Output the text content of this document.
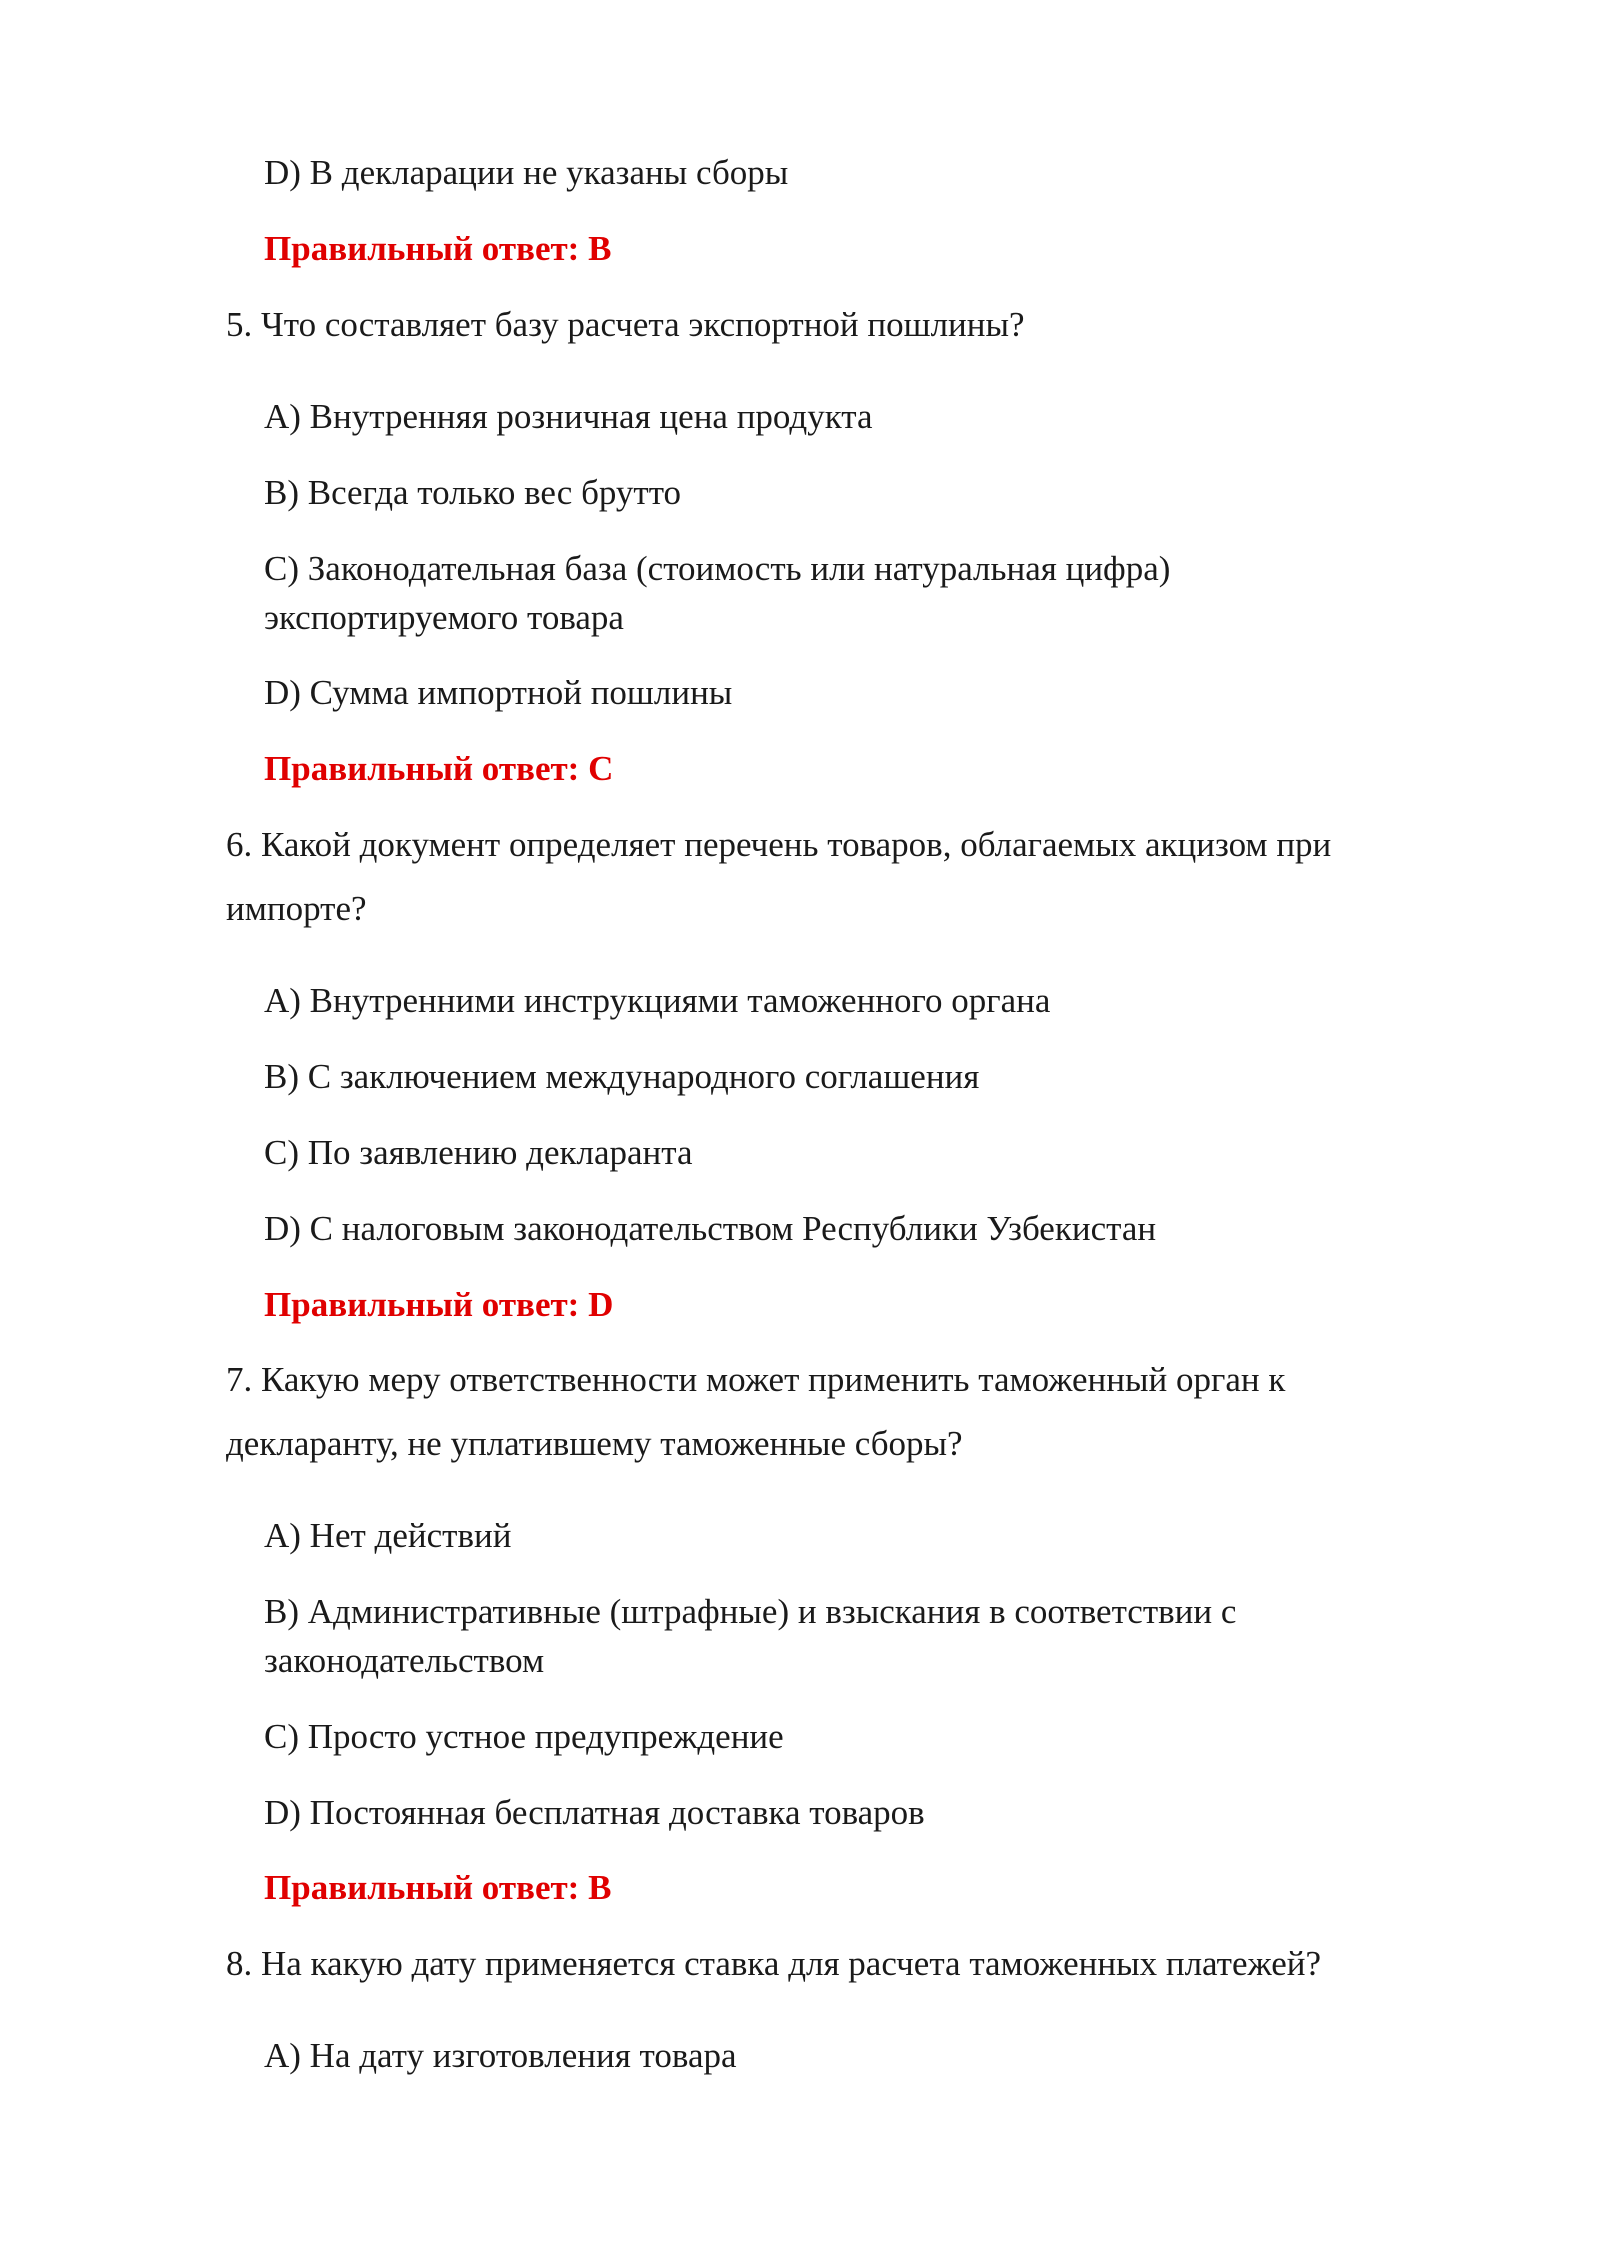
D) В декларации не указаны сборы
Правильный ответ: B
5. Что составляет базу расчета экспортной пошлины?
A) Внутренняя розничная цена продукта
B) Всегда только вес брутто
C) Законодательная база (стоимость или натуральная цифра)
экспортируемого товара
D) Сумма импортной пошлины
Правильный ответ: C
6. Какой документ определяет перечень товаров, облагаемых акцизом при
импорте?
A) Внутренними инструкциями таможенного органа
B) С заключением международного соглашения
C) По заявлению декларанта
D) С налоговым законодательством Республики Узбекистан
Правильный ответ: D
7. Какую меру ответственности может применить таможенный орган к
декларанту, не уплатившему таможенные сборы?
A) Нет действий
B) Административные (штрафные) и взыскания в соответствии с
законодательством
C) Просто устное предупреждение
D) Постоянная бесплатная доставка товаров
Правильный ответ: B
8. На какую дату применяется ставка для расчета таможенных платежей?
A) На дату изготовления товара
